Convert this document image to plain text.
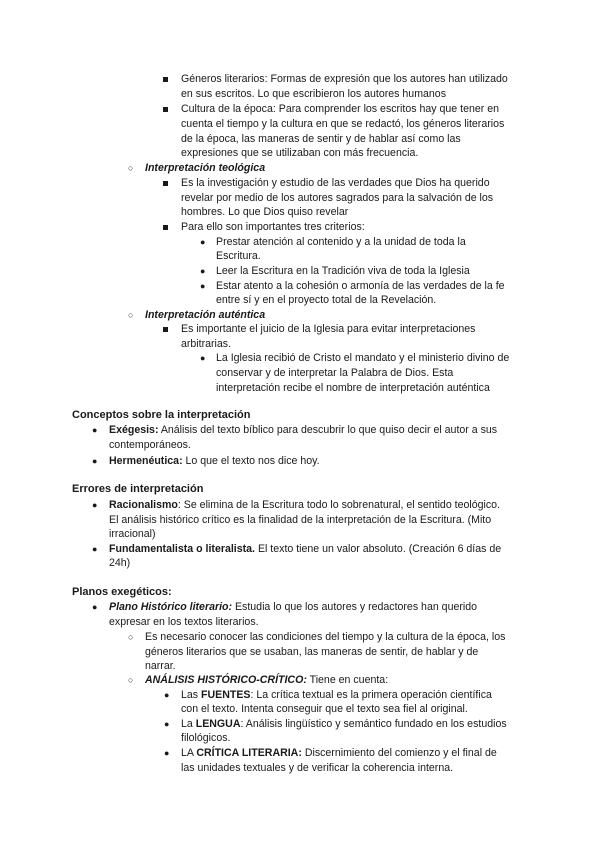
Géneros literarios: Formas de expresión que los autores han utilizado
en sus escritos. Lo que escribieron los autores humanos
Cultura de la época: Para comprender los escritos hay que tener en
cuenta el tiempo y la cultura en que se redactó, los géneros literarios
de la época, las maneras de sentir y de hablar así como las
expresiones que se utilizaban con más frecuencia.
○ Interpretación teológica
Es la investigación y estudio de las verdades que Dios ha querido
revelar por medio de los autores sagrados para la salvación de los
hombres. Lo que Dios quiso revelar
Para ello son importantes tres criterios:
● Prestar atención al contenido y a la unidad de toda la
Escritura.
● Leer la Escritura en la Tradición viva de toda la Iglesia
● Estar atento a la cohesión o armonía de las verdades de la fe
entre sí y en el proyecto total de la Revelación.
○ Interpretación auténtica
Es importante el juicio de la Iglesia para evitar interpretaciones
arbitrarias.
● La Iglesia recibió de Cristo el mandato y el ministerio divino de
conservar y de interpretar la Palabra de Dios. Esta
interpretación recibe el nombre de interpretación auténtica
Conceptos sobre la interpretación
● Exégesis: Análisis del texto bíblico para descubrir lo que quiso decir el autor a sus
contemporáneos.
● Hermenéutica: Lo que el texto nos dice hoy.
Errores de interpretación
● Racionalismo: Se elimina de la Escritura todo lo sobrenatural, el sentido teológico.
El análisis histórico crítico es la finalidad de la interpretación de la Escritura. (Mito
irracional)
● Fundamentalista o literalista. El texto tiene un valor absoluto. (Creación 6 días de
24h)
Planos exegéticos:
● Plano Histórico literario: Estudia lo que los autores y redactores han querido
expresar en los textos literarios.
○ Es necesario conocer las condiciones del tiempo y la cultura de la época, los
géneros literarios que se usaban, las maneras de sentir, de hablar y de
narrar.
○ ANÁLISIS HISTÓRICO-CRÍTICO: Tiene en cuenta:
● Las FUENTES: La crítica textual es la primera operación científica
con el texto. Intenta conseguir que el texto sea fiel al original.
● La LENGUA: Análisis lingüístico y semántico fundado en los estudios
filológicos.
● LA CRÍTICA LITERARIA: Discernimiento del comienzo y el final de
las unidades textuales y de verificar la coherencia interna.
